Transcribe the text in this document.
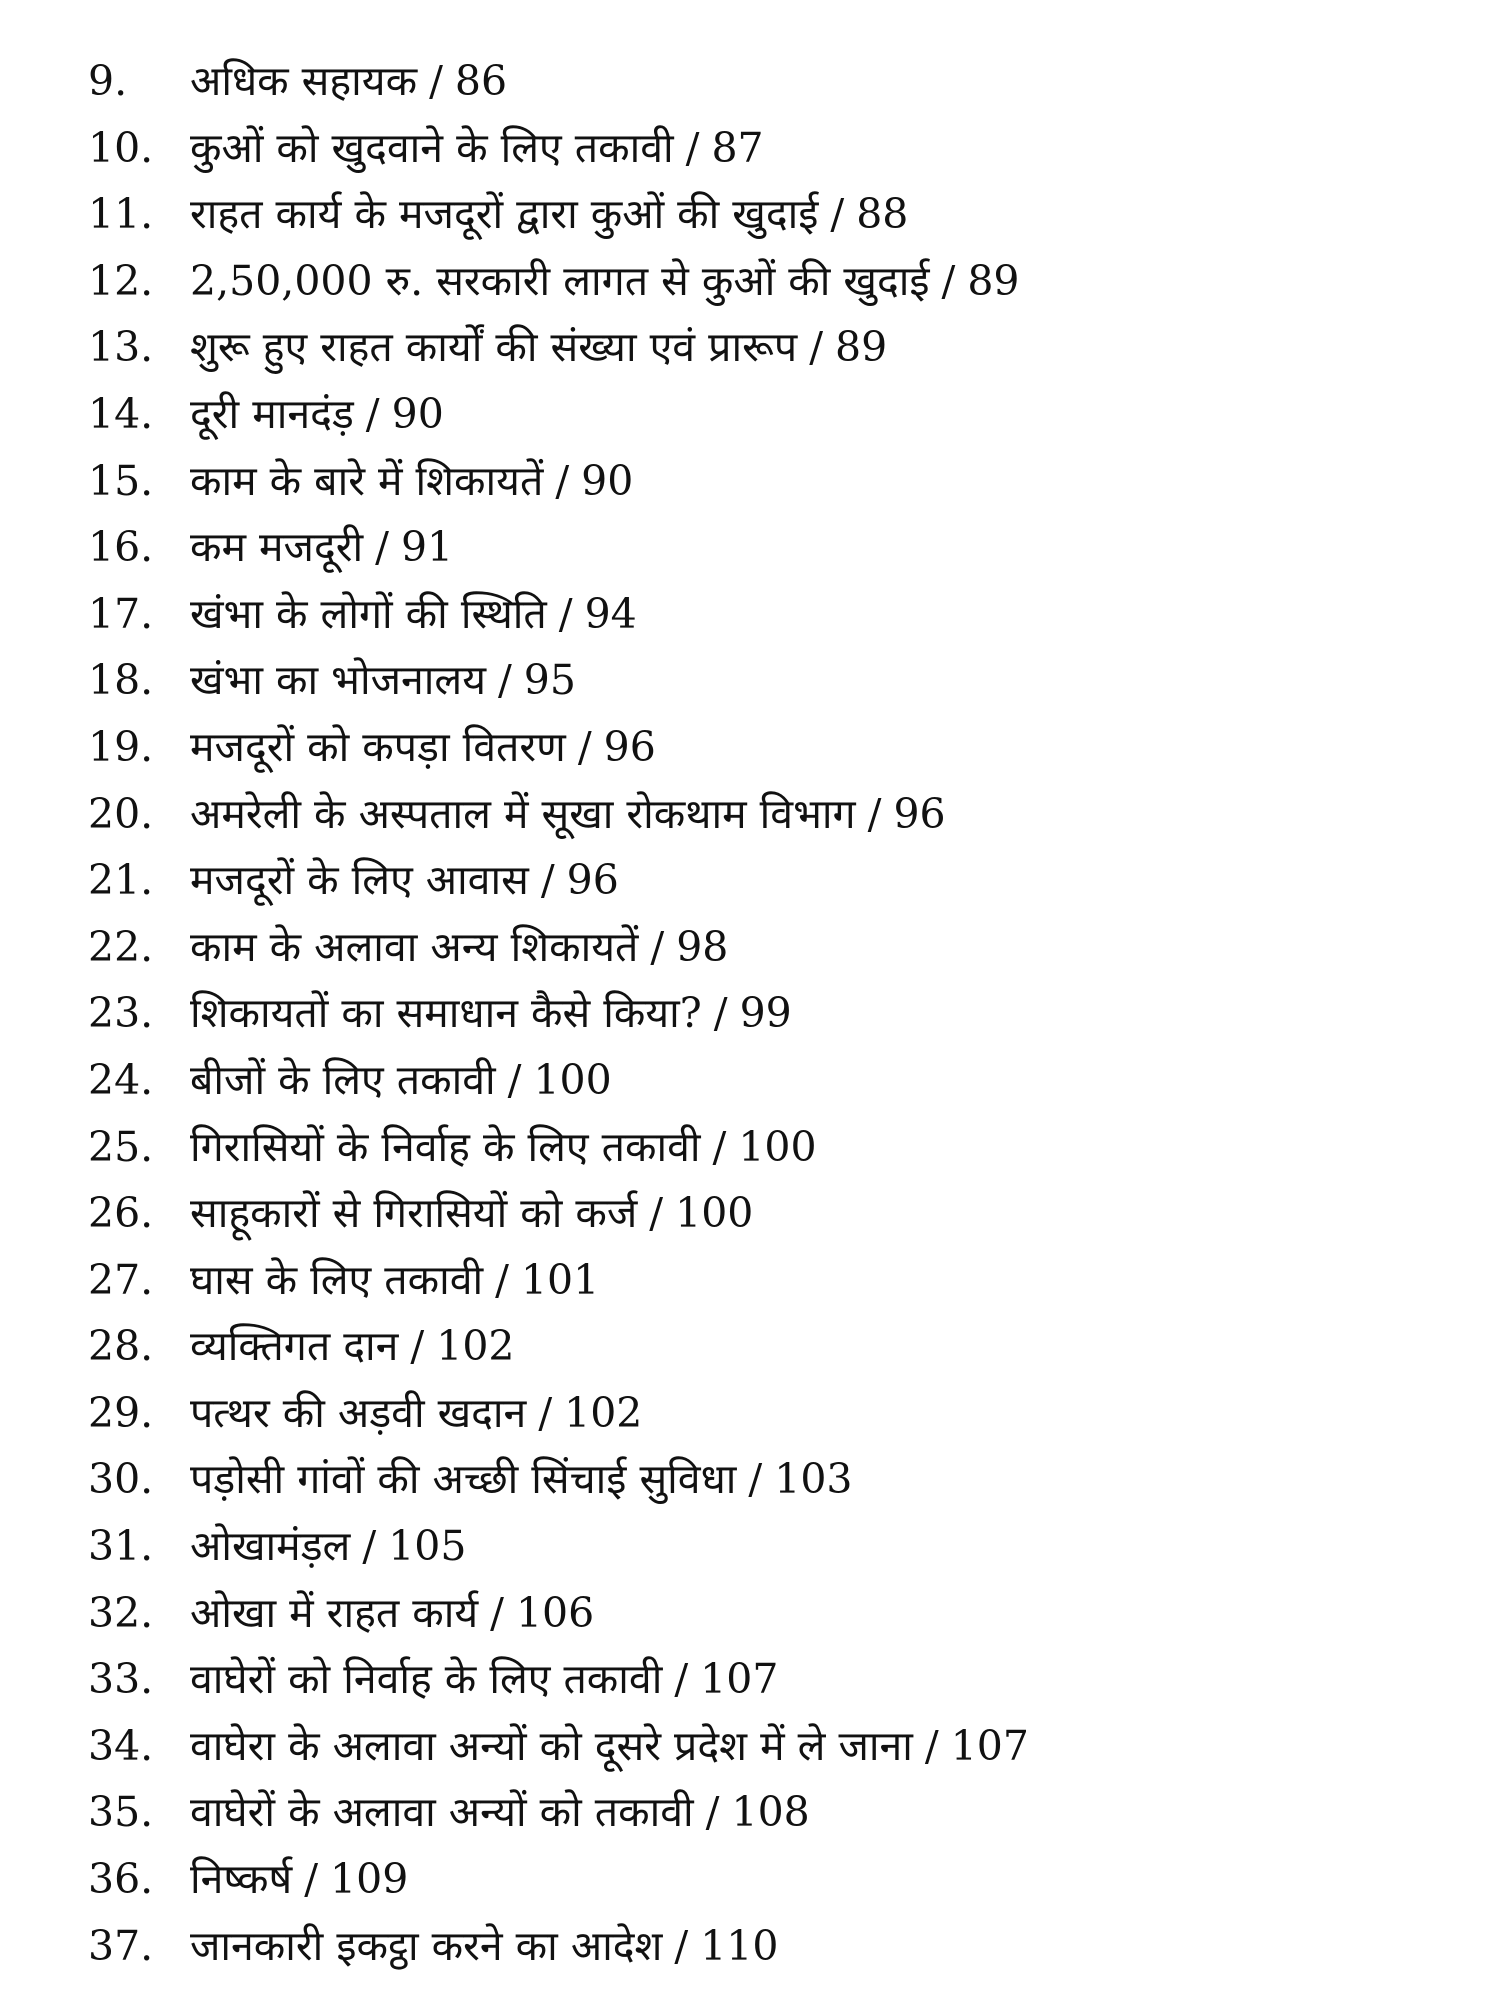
9.	अधिक सहायक / 86
10. कुओं को खुदवाने के लिए तकावी / 87
11. राहत कार्य के मजदूरों द्वारा कुओं की खुदाई / 88
12. 2,50,000 रु. सरकारी लागत से कुओं की खुदाई / 89
13. शुरू हुए राहत कार्यों की संख्या एवं प्रारूप / 89
14. दूरी मानदंड़ / 90
15. काम के बारे में शिकायतें / 90
16. कम मजदूरी / 91
17. खंभा के लोगों की स्थिति / 94
18. खंभा का भोजनालय / 95
19. मजदूरों को कपड़ा वितरण / 96
20. अमरेली के अस्पताल में सूखा रोकथाम विभाग / 96
21. मजदूरों के लिए आवास / 96
22. काम के अलावा अन्य शिकायतें / 98
23. शिकायतों का समाधान कैसे किया? / 99
24. बीजों के लिए तकावी / 100
25. गिरासियों के निर्वाह के लिए तकावी / 100
26. साहूकारों से गिरासियों को कर्ज / 100
27. घास के लिए तकावी / 101
28. व्यक्तिगत दान / 102
29. पत्थर की अड़वी खदान / 102
30. पड़ोसी गांवों की अच्छी सिंचाई सुविधा / 103
31. ओखामंड़ल / 105
32. ओखा में राहत कार्य / 106
33. वाघेरों को निर्वाह के लिए तकावी / 107
34. वाघेरा के अलावा अन्यों को दूसरे प्रदेश में ले जाना / 107
35. वाघेरों के अलावा अन्यों को तकावी / 108
36. निष्कर्ष / 109
37. जानकारी इकट्ठा करने का आदेश / 110
